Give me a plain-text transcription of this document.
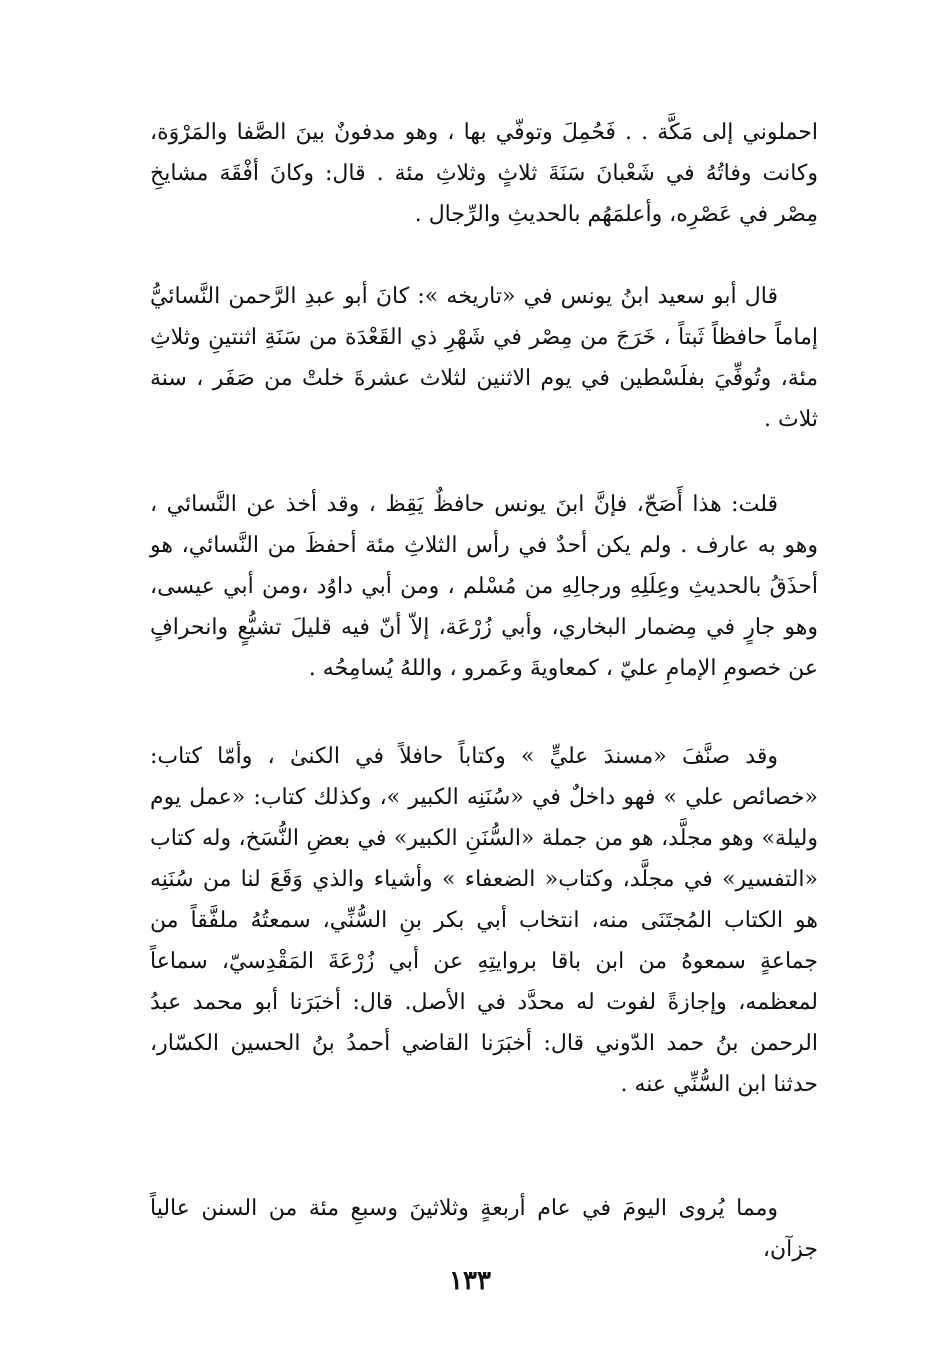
احملوني إلى مَكَّة . . فَحُمِلَ وتوفّي بها ، وهو مدفونٌ بينَ الصَّفا والمَرْوَة، وكانت وفاتُهُ في شَعْبانَ سَنَةَ ثلاثٍ وثلاثِ مئة . قال: وكانَ أفْقَهَ مشايخِ مِصْر في عَصْرِه، وأعلمَهُم بالحديثِ والرِّجال .

قال أبو سعيد ابنُ يونس في «تاريخه »: كانَ أبو عبدِ الرَّحمن النَّسائيُّ إماماً حافظاً ثَبتاً ، خَرَجَ من مِصْر في شَهْرِ ذي القَعْدَة من سَنَةِ اثنتينِ وثلاثِ مئة، وتُوفِّيَ بفلَسْطين في يوم الاثنين لثلاث عشرةَ خلتْ من صَفَر ، سنة ثلاث .

قلت: هذا أَصَحّ، فإنَّ ابنَ يونس حافظٌ يَقِظ ، وقد أخذ عن النَّسائي ، وهو به عارف . ولم يكن أحدٌ في رأس الثلاثِ مئة أحفظَ من النَّسائي، هو أحذَقُ بالحديثِ وعِلَلِهِ ورجالِهِ من مُسْلم ، ومن أبي داوُد ،ومن أبي عيسى، وهو جارٍ في مِضمار البخاري، وأبي زُرْعَة، إلاّ أنّ فيه قليلَ تشيُّعٍ وانحرافٍ عن خصومِ الإمامِ عليّ ، كمعاويةَ وعَمرو ، واللهُ يُسامِحُه .

وقد صنَّفَ «مسندَ عليٍّ » وكتاباً حافلاً في الكنىٰ ، وأمّا كتاب: «خصائص علي » فهو داخلٌ في «سُنَنِه الكبير »، وكذلك كتاب: «عمل يوم وليلة» وهو مجلَّد، هو من جملة «السُّنَنِ الكبير» في بعضِ النُّسَخ، وله كتاب «التفسير» في مجلَّد، وكتاب« الضعفاء » وأشياء والذي وَقَعَ لنا من سُنَنِه هو الكتاب المُجتَنَى منه، انتخاب أبي بكر بنِ السُّنِّي، سمعتُهُ ملفَّقاً من جماعةٍ سمعوهُ من ابن باقا بروايتِهِ عن أبي زُرْعَةَ المَقْدِسيّ، سماعاً لمعظمه، وإجازةً لفوت له محدَّد في الأصل. قال: أخبَرَنا أبو محمد عبدُ الرحمن بنُ حمد الدّوني قال: أخبَرَنا القاضي أحمدُ بنُ الحسين الكسّار، حدثنا ابن السُّنِّي عنه .

ومما يُروى اليومَ في عام أربعةٍ وثلاثينَ وسبعِ مئة من السنن عالياً جزآن،

١٣٣
